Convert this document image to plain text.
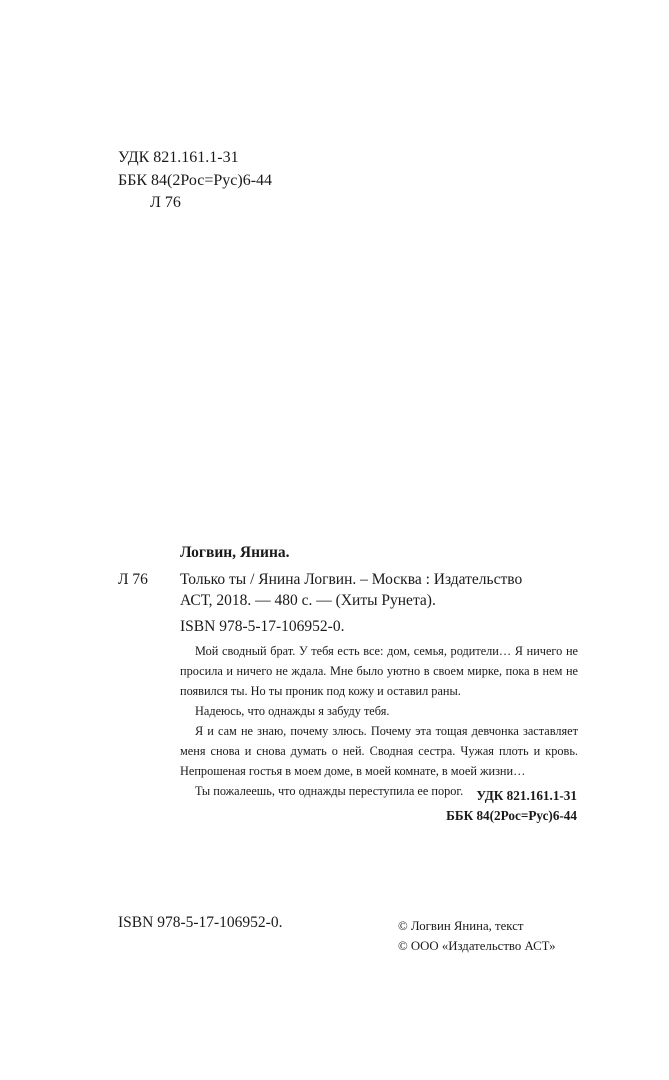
УДК 821.161.1-31
ББК 84(2Рос=Рус)6-44
Л 76
Логвин, Янина.
Л 76 Только ты / Янина Логвин. – Москва : Издательство
АСТ, 2018. — 480 с. — (Хиты Рунета).
ISBN 978-5-17-106952-0.

Мой сводный брат. У тебя есть все: дом, семья, родители… Я ничего не просила и ничего не ждала. Мне было уютно в своем мирке, пока в нем не появился ты. Но ты проник под кожу и оставил раны.

Надеюсь, что однажды я забуду тебя.

Я и сам не знаю, почему злюсь. Почему эта тощая девчонка заставляет меня снова и снова думать о ней. Сводная сестра. Чужая плоть и кровь. Непрошеная гостья в моем доме, в моей комнате, в моей жизни…

Ты пожалеешь, что однажды переступила ее порог.	УДК 821.161.1-31
ББК 84(2Рос=Рус)6-44
ISBN 978-5-17-106952-0.	© Логвин Янина, текст
© ООО «Издательство АСТ»
